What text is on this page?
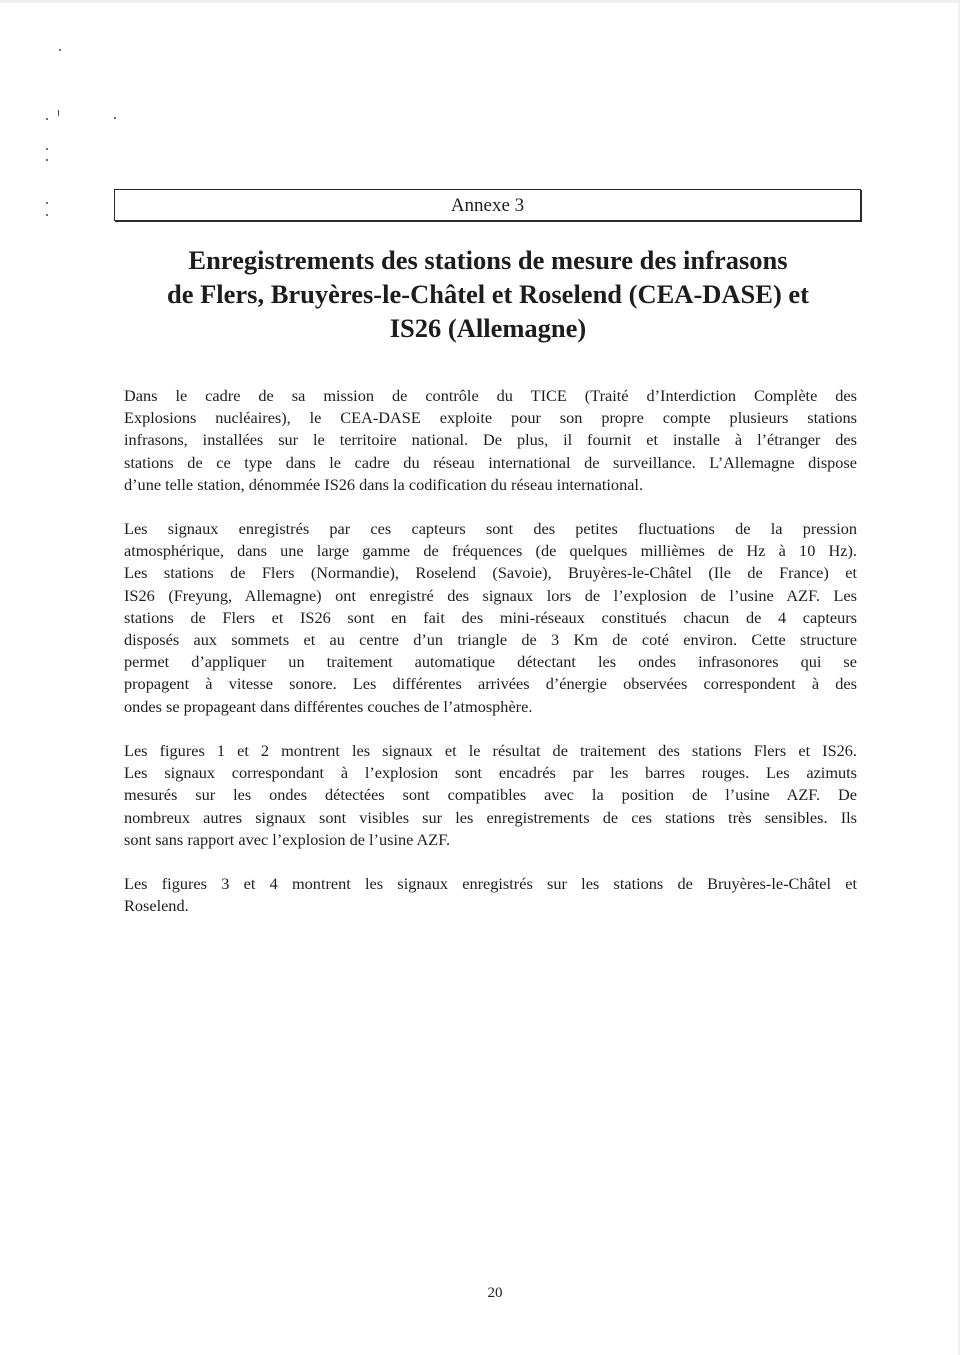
Annexe 3
Enregistrements des stations de mesure des infrasons
de Flers, Bruyères-le-Châtel et Roselend (CEA-DASE) et
IS26 (Allemagne)

Dans le cadre de sa mission de contrôle du TICE (Traité d’Interdiction Complète des
Explosions nucléaires), le CEA-DASE exploite pour son propre compte plusieurs stations
infrasons, installées sur le territoire national. De plus, il fournit et installe à l’étranger des
stations de ce type dans le cadre du réseau international de surveillance. L’Allemagne dispose
d’une telle station, dénommée IS26 dans la codification du réseau international.

Les signaux enregistrés par ces capteurs sont des petites fluctuations de la pression
atmosphérique, dans une large gamme de fréquences (de quelques millièmes de Hz à 10 Hz).
Les stations de Flers (Normandie), Roselend (Savoie), Bruyères-le-Châtel (Ile de France) et
IS26 (Freyung, Allemagne) ont enregistré des signaux lors de l’explosion de l’usine AZF. Les
stations de Flers et IS26 sont en fait des mini-réseaux constitués chacun de 4 capteurs
disposés aux sommets et au centre d’un triangle de 3 Km de coté environ. Cette structure
permet d’appliquer un traitement automatique détectant les ondes infrasonores qui se
propagent à vitesse sonore. Les différentes arrivées d’énergie observées correspondent à des
ondes se propageant dans différentes couches de l’atmosphère.

Les figures 1 et 2 montrent les signaux et le résultat de traitement des stations Flers et IS26.
Les signaux correspondant à l’explosion sont encadrés par les barres rouges. Les azimuts
mesurés sur les ondes détectées sont compatibles avec la position de l’usine AZF. De
nombreux autres signaux sont visibles sur les enregistrements de ces stations très sensibles. Ils
sont sans rapport avec l’explosion de l’usine AZF.

Les figures 3 et 4 montrent les signaux enregistrés sur les stations de Bruyères-le-Châtel et
Roselend.

20
